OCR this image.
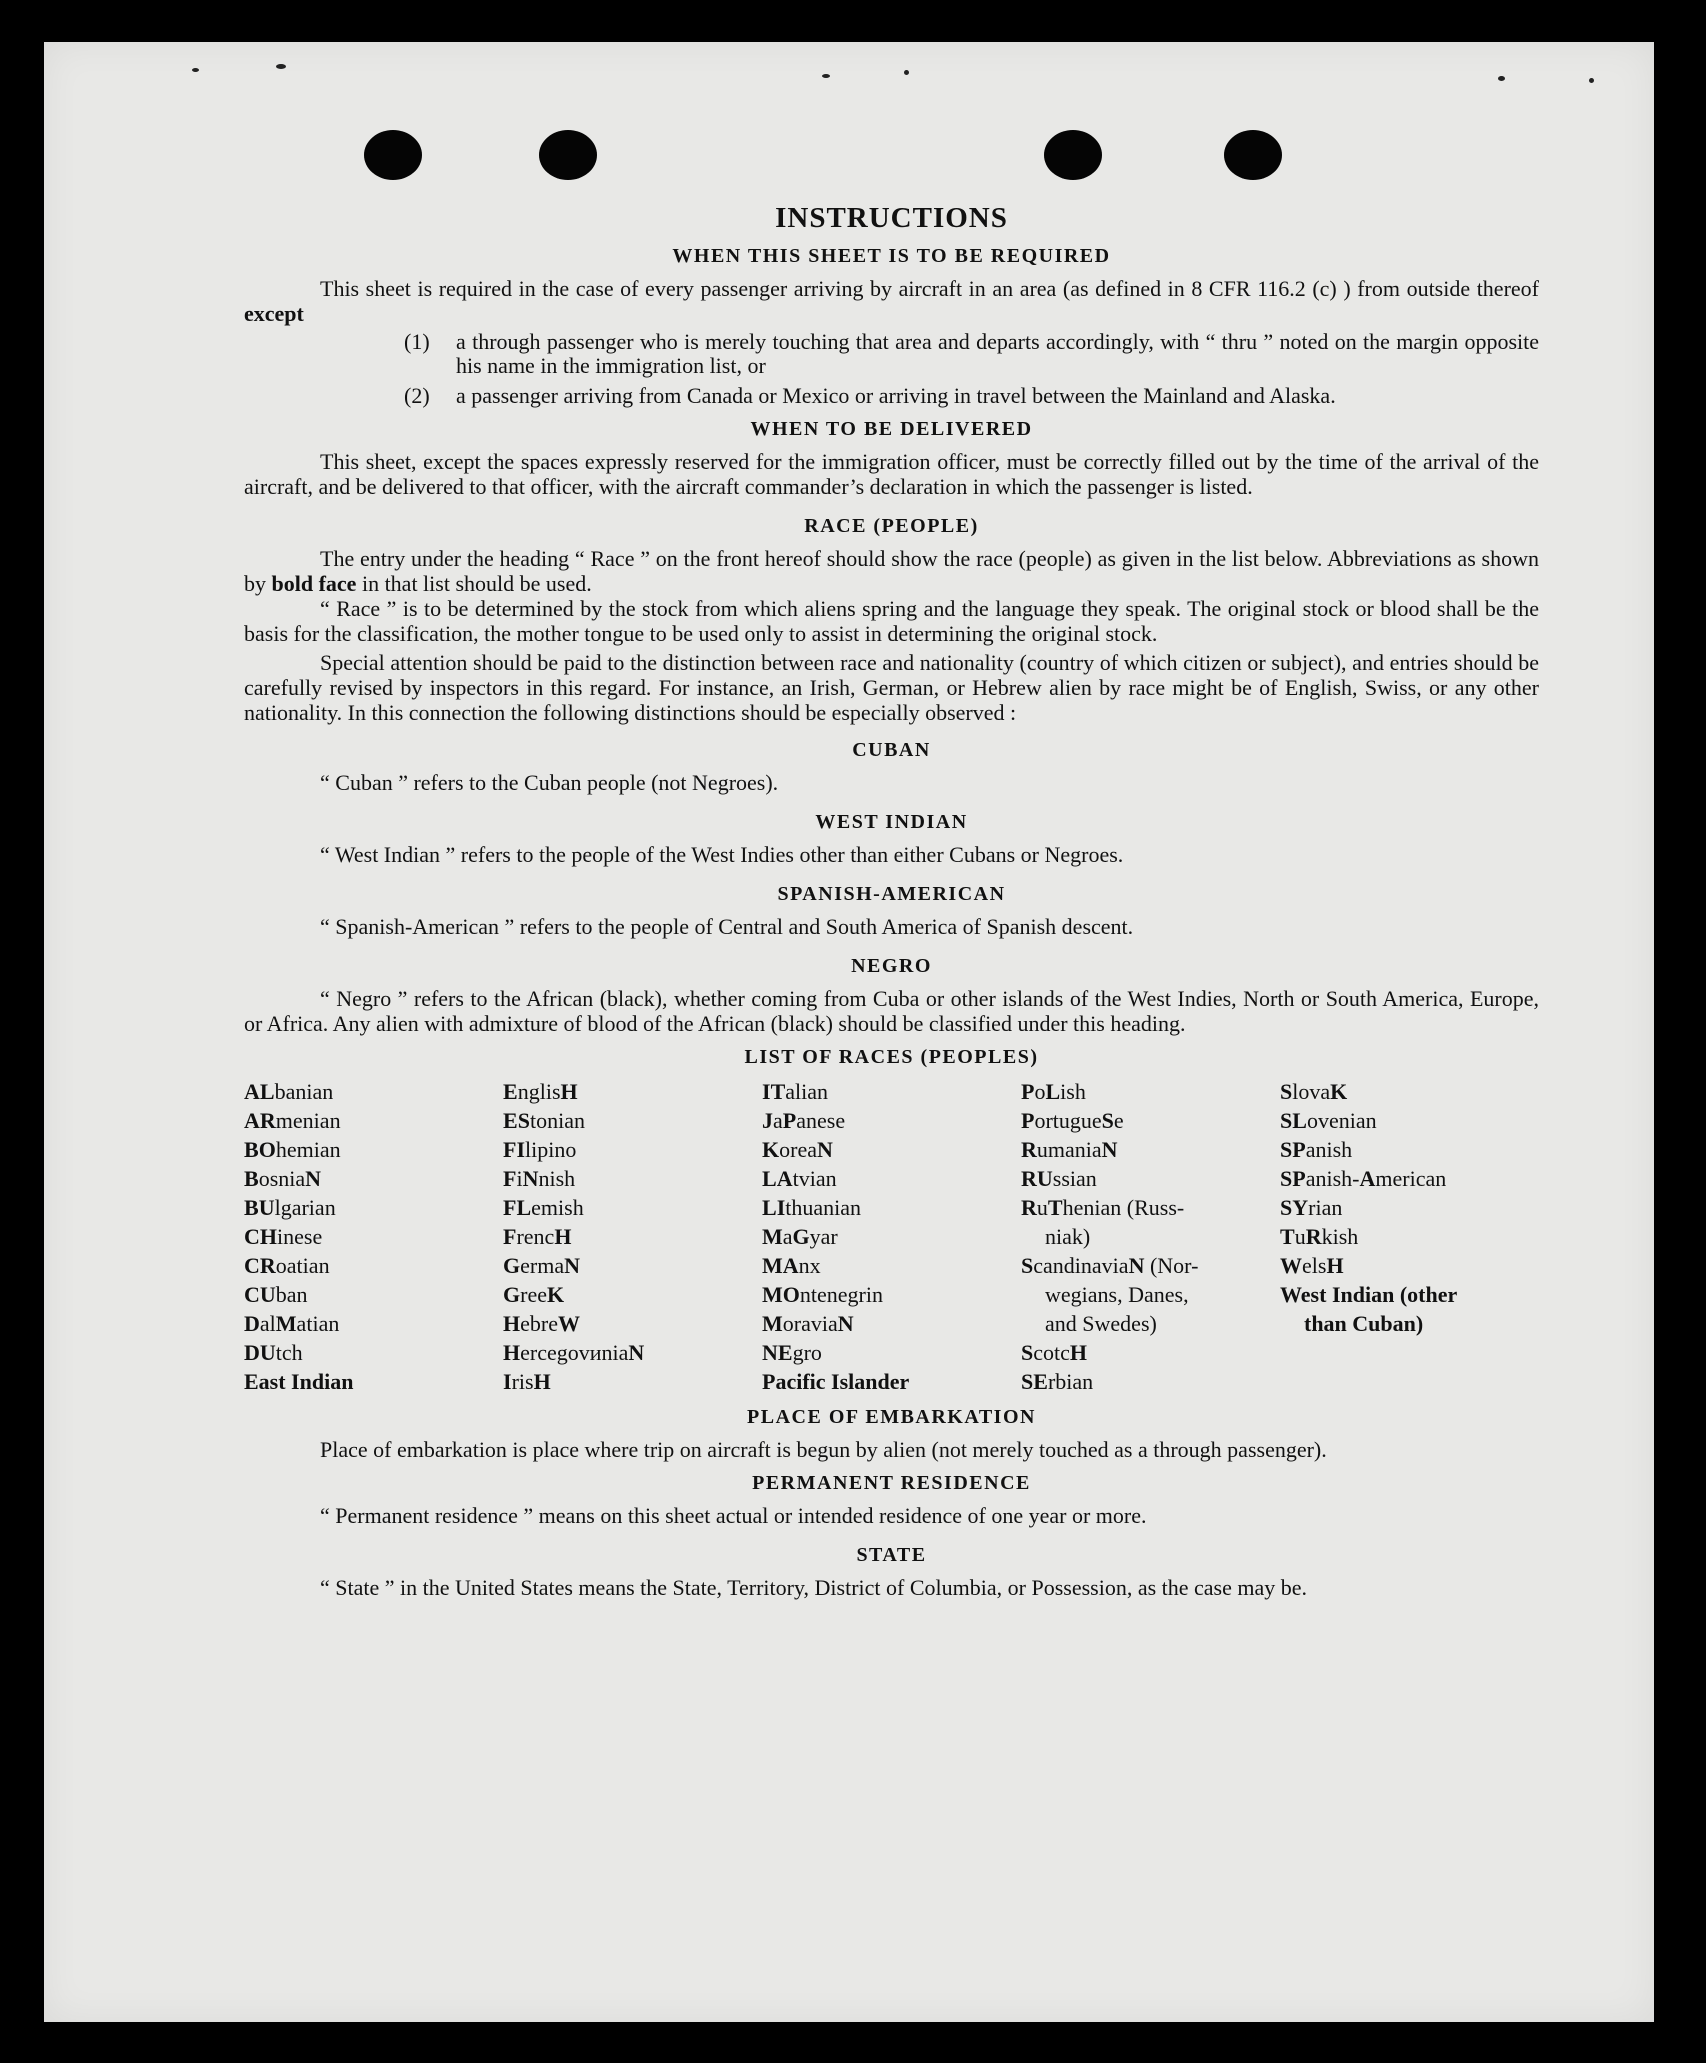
INSTRUCTIONS
WHEN THIS SHEET IS TO BE REQUIRED

This sheet is required in the case of every passenger arriving by aircraft in an area (as defined in 8 CFR 116.2 (c) ) from outside thereof except

(1)	a through passenger who is merely touching that area and departs accordingly, with “ thru ” noted on the margin opposite his name in the immigration list, or
(2)	a passenger arriving from Canada or Mexico or arriving in travel between the Mainland and Alaska.
WHEN TO BE DELIVERED

This sheet, except the spaces expressly reserved for the immigration officer, must be correctly filled out by the time of the arrival of the aircraft, and be delivered to that officer, with the aircraft commander’s declaration in which the passenger is listed.

RACE (PEOPLE)

The entry under the heading “ Race ” on the front hereof should show the race (people) as given in the list below. Abbreviations as shown by bold face in that list should be used.

“ Race ” is to be determined by the stock from which aliens spring and the language they speak. The original stock or blood shall be the basis for the classification, the mother tongue to be used only to assist in determining the original stock.

Special attention should be paid to the distinction between race and nationality (country of which citizen or subject), and entries should be carefully revised by inspectors in this regard. For instance, an Irish, German, or Hebrew alien by race might be of English, Swiss, or any other nationality. In this connection the following distinctions should be especially observed :

CUBAN

“ Cuban ” refers to the Cuban people (not Negroes).

WEST INDIAN

“ West Indian ” refers to the people of the West Indies other than either Cubans or Negroes.

SPANISH-AMERICAN

“ Spanish-American ” refers to the people of Central and South America of Spanish descent.

NEGRO

“ Negro ” refers to the African (black), whether coming from Cuba or other islands of the West Indies, North or South America, Europe, or Africa. Any alien with admixture of blood of the African (black) should be classified under this heading.

LIST OF RACES (PEOPLES)
ALbanian
ARmenian
BOhemian
BosniaN
BUlgarian
CHinese
CRoatian
CUban
DalMatian
DUtch
East Indian
EnglisH
EStonian
FIlipino
FiNnish
FLemish
FrencH
GermaN
GreeK
HebreW
HercegovиniaN
IrisH
ITalian
JaPanese
KoreaN
LAtvian
LIthuanian
MaGyar
MAnx
MOntenegrin
MoraviaN
NEgro
Pacific Islander
PoLish
PortugueSe
RumaniaN
RUssian
RuThenian (Russ-
niak)
ScandinaviaN (Nor-
wegians, Danes,
and Swedes)
ScotcH
SErbian
SlovaK
SLovenian
SPanish
SPanish-American
SYrian
TuRkish
WelsH
West Indian (other
than Cuban)
PLACE OF EMBARKATION

Place of embarkation is place where trip on aircraft is begun by alien (not merely touched as a through passenger).

PERMANENT RESIDENCE

“ Permanent residence ” means on this sheet actual or intended residence of one year or more.

STATE

“ State ” in the United States means the State, Territory, District of Columbia, or Possession, as the case may be.
